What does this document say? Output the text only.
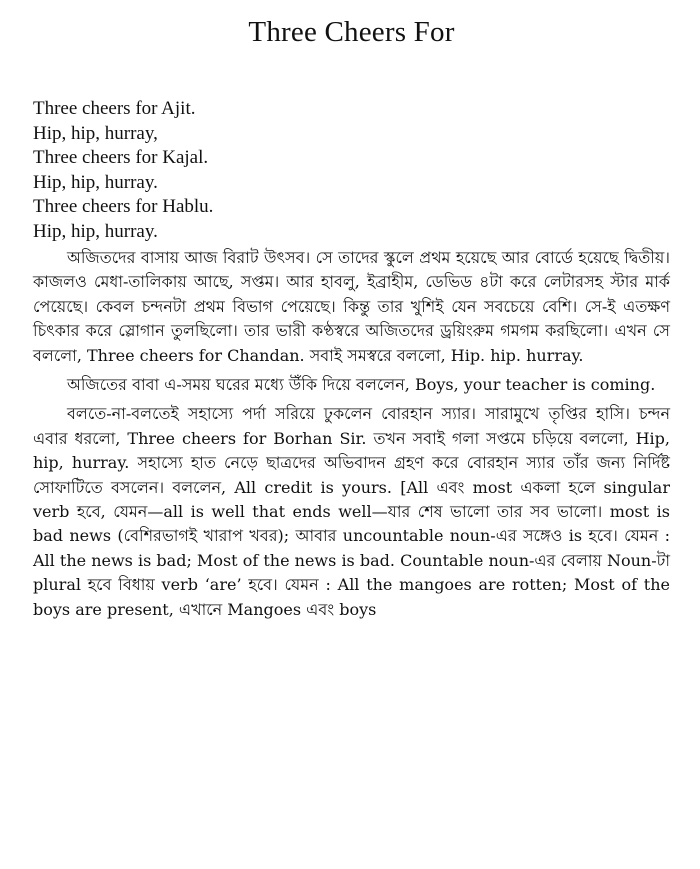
Three Cheers For
Three cheers for Ajit.
Hip, hip, hurray,
Three cheers for Kajal.
Hip, hip, hurray.
Three cheers for Hablu.
Hip, hip, hurray.

অজিতদের বাসায় আজ বিরাট উৎসব। সে তাদের স্কুলে প্রথম হয়েছে আর বোর্ডে হয়েছে দ্বিতীয়। কাজলও মেধা-তালিকায় আছে, সপ্তম। আর হাবলু, ইব্রাহীম, ডেভিড ৪টা করে লেটারসহ স্টার মার্ক পেয়েছে। কেবল চন্দনটা প্রথম বিভাগ পেয়েছে। কিন্তু তার খুশিই যেন সবচেয়ে বেশি। সে-ই এতক্ষণ চিৎকার করে স্লোগান তুলছিলো। তার ভারী কণ্ঠস্বরে অজিতদের ড্রয়িংরুম গমগম করছিলো। এখন সে বললো, Three cheers for Chandan. সবাই সমস্বরে বললো, Hip. hip. hurray.

অজিতের বাবা এ-সময় ঘরের মধ্যে উঁকি দিয়ে বললেন, Boys, your teacher is coming.

বলতে-না-বলতেই সহাস্যে পর্দা সরিয়ে ঢুকলেন বোরহান স্যার। সারামুখে তৃপ্তির হাসি। চন্দন এবার ধরলো, Three cheers for Borhan Sir. তখন সবাই গলা সপ্তমে চড়িয়ে বললো, Hip, hip, hurray. সহাস্যে হাত নেড়ে ছাত্রদের অভিবাদন গ্রহণ করে বোরহান স্যার তাঁর জন্য নির্দিষ্ট সোফাটিতে বসলেন। বললেন, All credit is yours. [All এবং most একলা হলে singular verb হবে, যেমন—all is well that ends well—যার শেষ ভালো তার সব ভালো। most is bad news (বেশিরভাগই খারাপ খবর); আবার uncountable noun-এর সঙ্গেও is হবে। যেমন : All the news is bad; Most of the news is bad. Countable noun-এর বেলায় Noun-টা plural হবে বিধায় verb ‘are’ হবে। যেমন : All the mangoes are rotten; Most of the boys are present, এখানে Mangoes এবং boys
